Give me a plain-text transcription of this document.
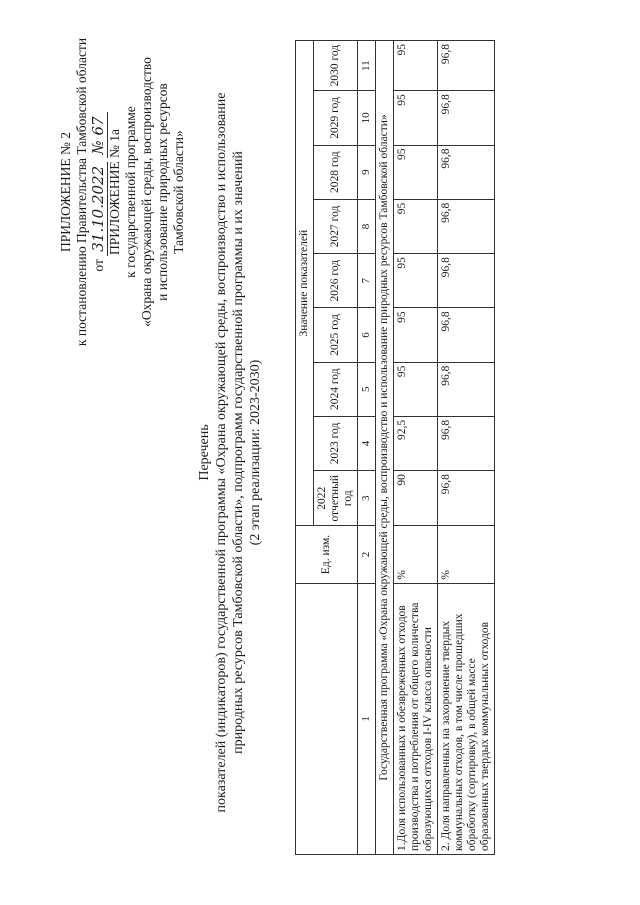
ПРИЛОЖЕНИЕ № 2 к постановлению Правительства Тамбовской области от 31.10.2022 № 67 ПРИЛОЖЕНИЕ № 1а к государственной программе «Охрана окружающей среды, воспроизводство и использование природных ресурсов Тамбовской области»
Перечень показателей (индикаторов) государственной программы «Охрана окружающей среды, воспроизводство и использование природных ресурсов Тамбовской области», подпрограмм государственной программы и их значений (2 этап реализации: 2023-2030)
	Ед. изм.	Значение показателей								
		2022 отчетный год	2023 год	2024 год	2025 год	2026 год	2027 год	2028 год	2029 год	2030 год
1	2	3	4	5	6	7	8	9	10	11
Государственная программа «Охрана окружающей среды, воспроизводство и использование природных ресурсов Тамбовской области»										
1.Доля использованных и обезвреженных отходов производства и потребления от общего количества образующихся отходов I-IV класса опасности	%	90	92,5	95	95	95	95	95	95	95
2. Доля направленных на захоронение твердых коммунальных отходов, в том числе прошедших обработку (сортировку), в общей массе образованных твердых коммунальных отходов	%	96,8	96,8	96,8	96,8	96,8	96,8	96,8	96,8	96,8
